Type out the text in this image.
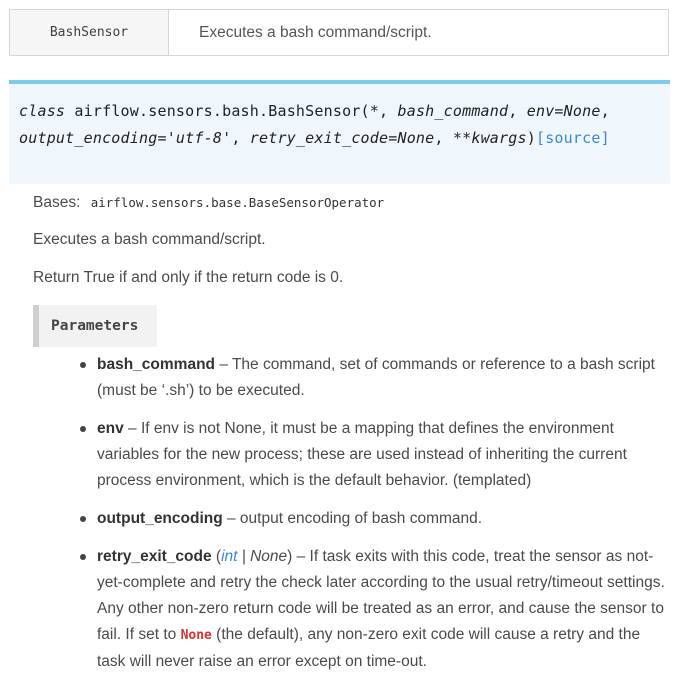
BashSensor	Executes a bash command/script.
class airflow.sensors.bash.BashSensor(*, bash_command, env=None,
output_encoding='utf-8', retry_exit_code=None, **kwargs)[source]
Bases: airflow.sensors.base.BaseSensorOperator
Executes a bash command/script.
Return True if and only if the return code is 0.
Parameters
bash_command – The command, set of commands or reference to a bash script (must be ‘.sh’) to be executed.
env – If env is not None, it must be a mapping that defines the environment variables for the new process; these are used instead of inheriting the current process environment, which is the default behavior. (templated)
output_encoding – output encoding of bash command.
retry_exit_code (int | None) – If task exits with this code, treat the sensor as not-yet-complete and retry the check later according to the usual retry/timeout settings. Any other non-zero return code will be treated as an error, and cause the sensor to fail. If set to None (the default), any non-zero exit code will cause a retry and the task will never raise an error except on time-out.
